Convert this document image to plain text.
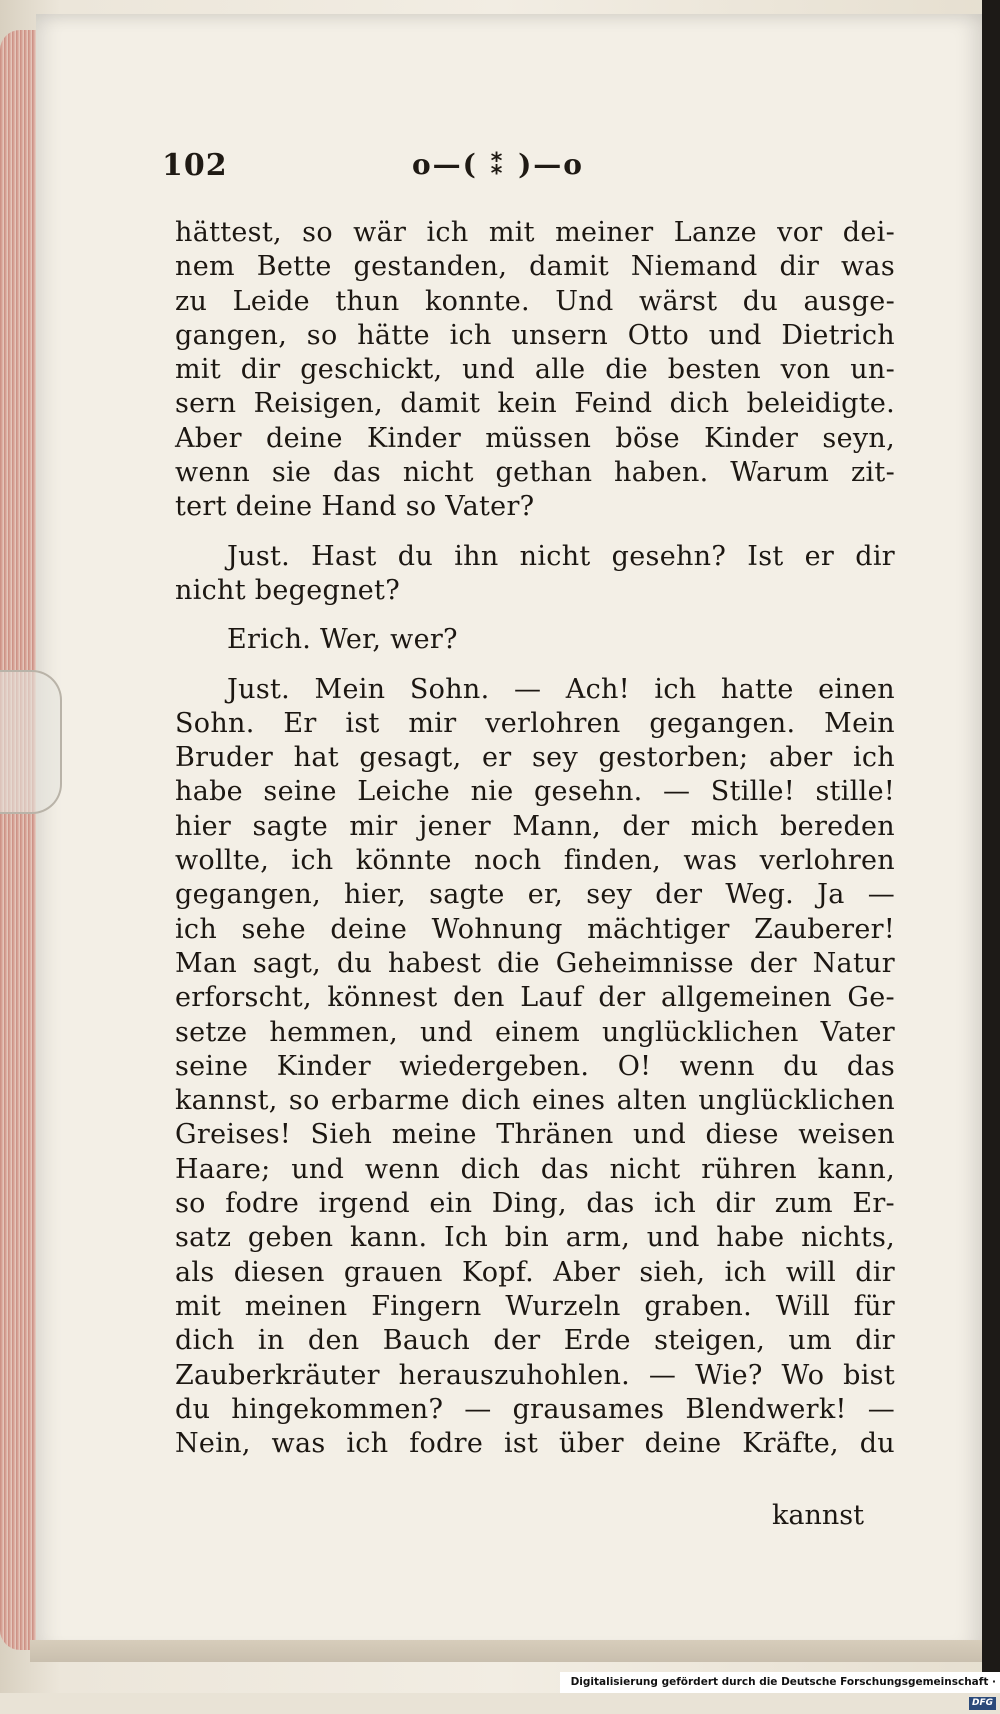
102	o—( ⁑ )—o
hättest, so wär ich mit meiner Lanze vor dei-
nem Bette gestanden, damit Niemand dir was
zu Leide thun konnte. Und wärst du ausge-
gangen, so hätte ich unsern Otto und Dietrich
mit dir geschickt, und alle die besten von un-
sern Reisigen, damit kein Feind dich beleidigte.
Aber deine Kinder müssen böse Kinder seyn,
wenn sie das nicht gethan haben. Warum zit-
tert deine Hand so Vater?
Just. Hast du ihn nicht gesehn? Ist er dir
nicht begegnet?
Erich. Wer, wer?
Just. Mein Sohn. — Ach! ich hatte einen
Sohn. Er ist mir verlohren gegangen. Mein
Bruder hat gesagt, er sey gestorben; aber ich
habe seine Leiche nie gesehn. — Stille! stille!
hier sagte mir jener Mann, der mich bereden
wollte, ich könnte noch finden, was verlohren
gegangen, hier, sagte er, sey der Weg. Ja —
ich sehe deine Wohnung mächtiger Zauberer!
Man sagt, du habest die Geheimnisse der Natur
erforscht, könnest den Lauf der allgemeinen Ge-
setze hemmen, und einem unglücklichen Vater
seine Kinder wiedergeben. O! wenn du das
kannst, so erbarme dich eines alten unglücklichen
Greises! Sieh meine Thränen und diese weisen
Haare; und wenn dich das nicht rühren kann,
so fodre irgend ein Ding, das ich dir zum Er-
satz geben kann. Ich bin arm, und habe nichts,
als diesen grauen Kopf. Aber sieh, ich will dir
mit meinen Fingern Wurzeln graben. Will für
dich in den Bauch der Erde steigen, um dir
Zauberkräuter herauszuhohlen. — Wie? Wo bist
du hingekommen? — grausames Blendwerk! —
Nein, was ich fodre ist über deine Kräfte, du
kannst
Digitalisierung gefördert durch die Deutsche Forschungsgemeinschaft · DFG
